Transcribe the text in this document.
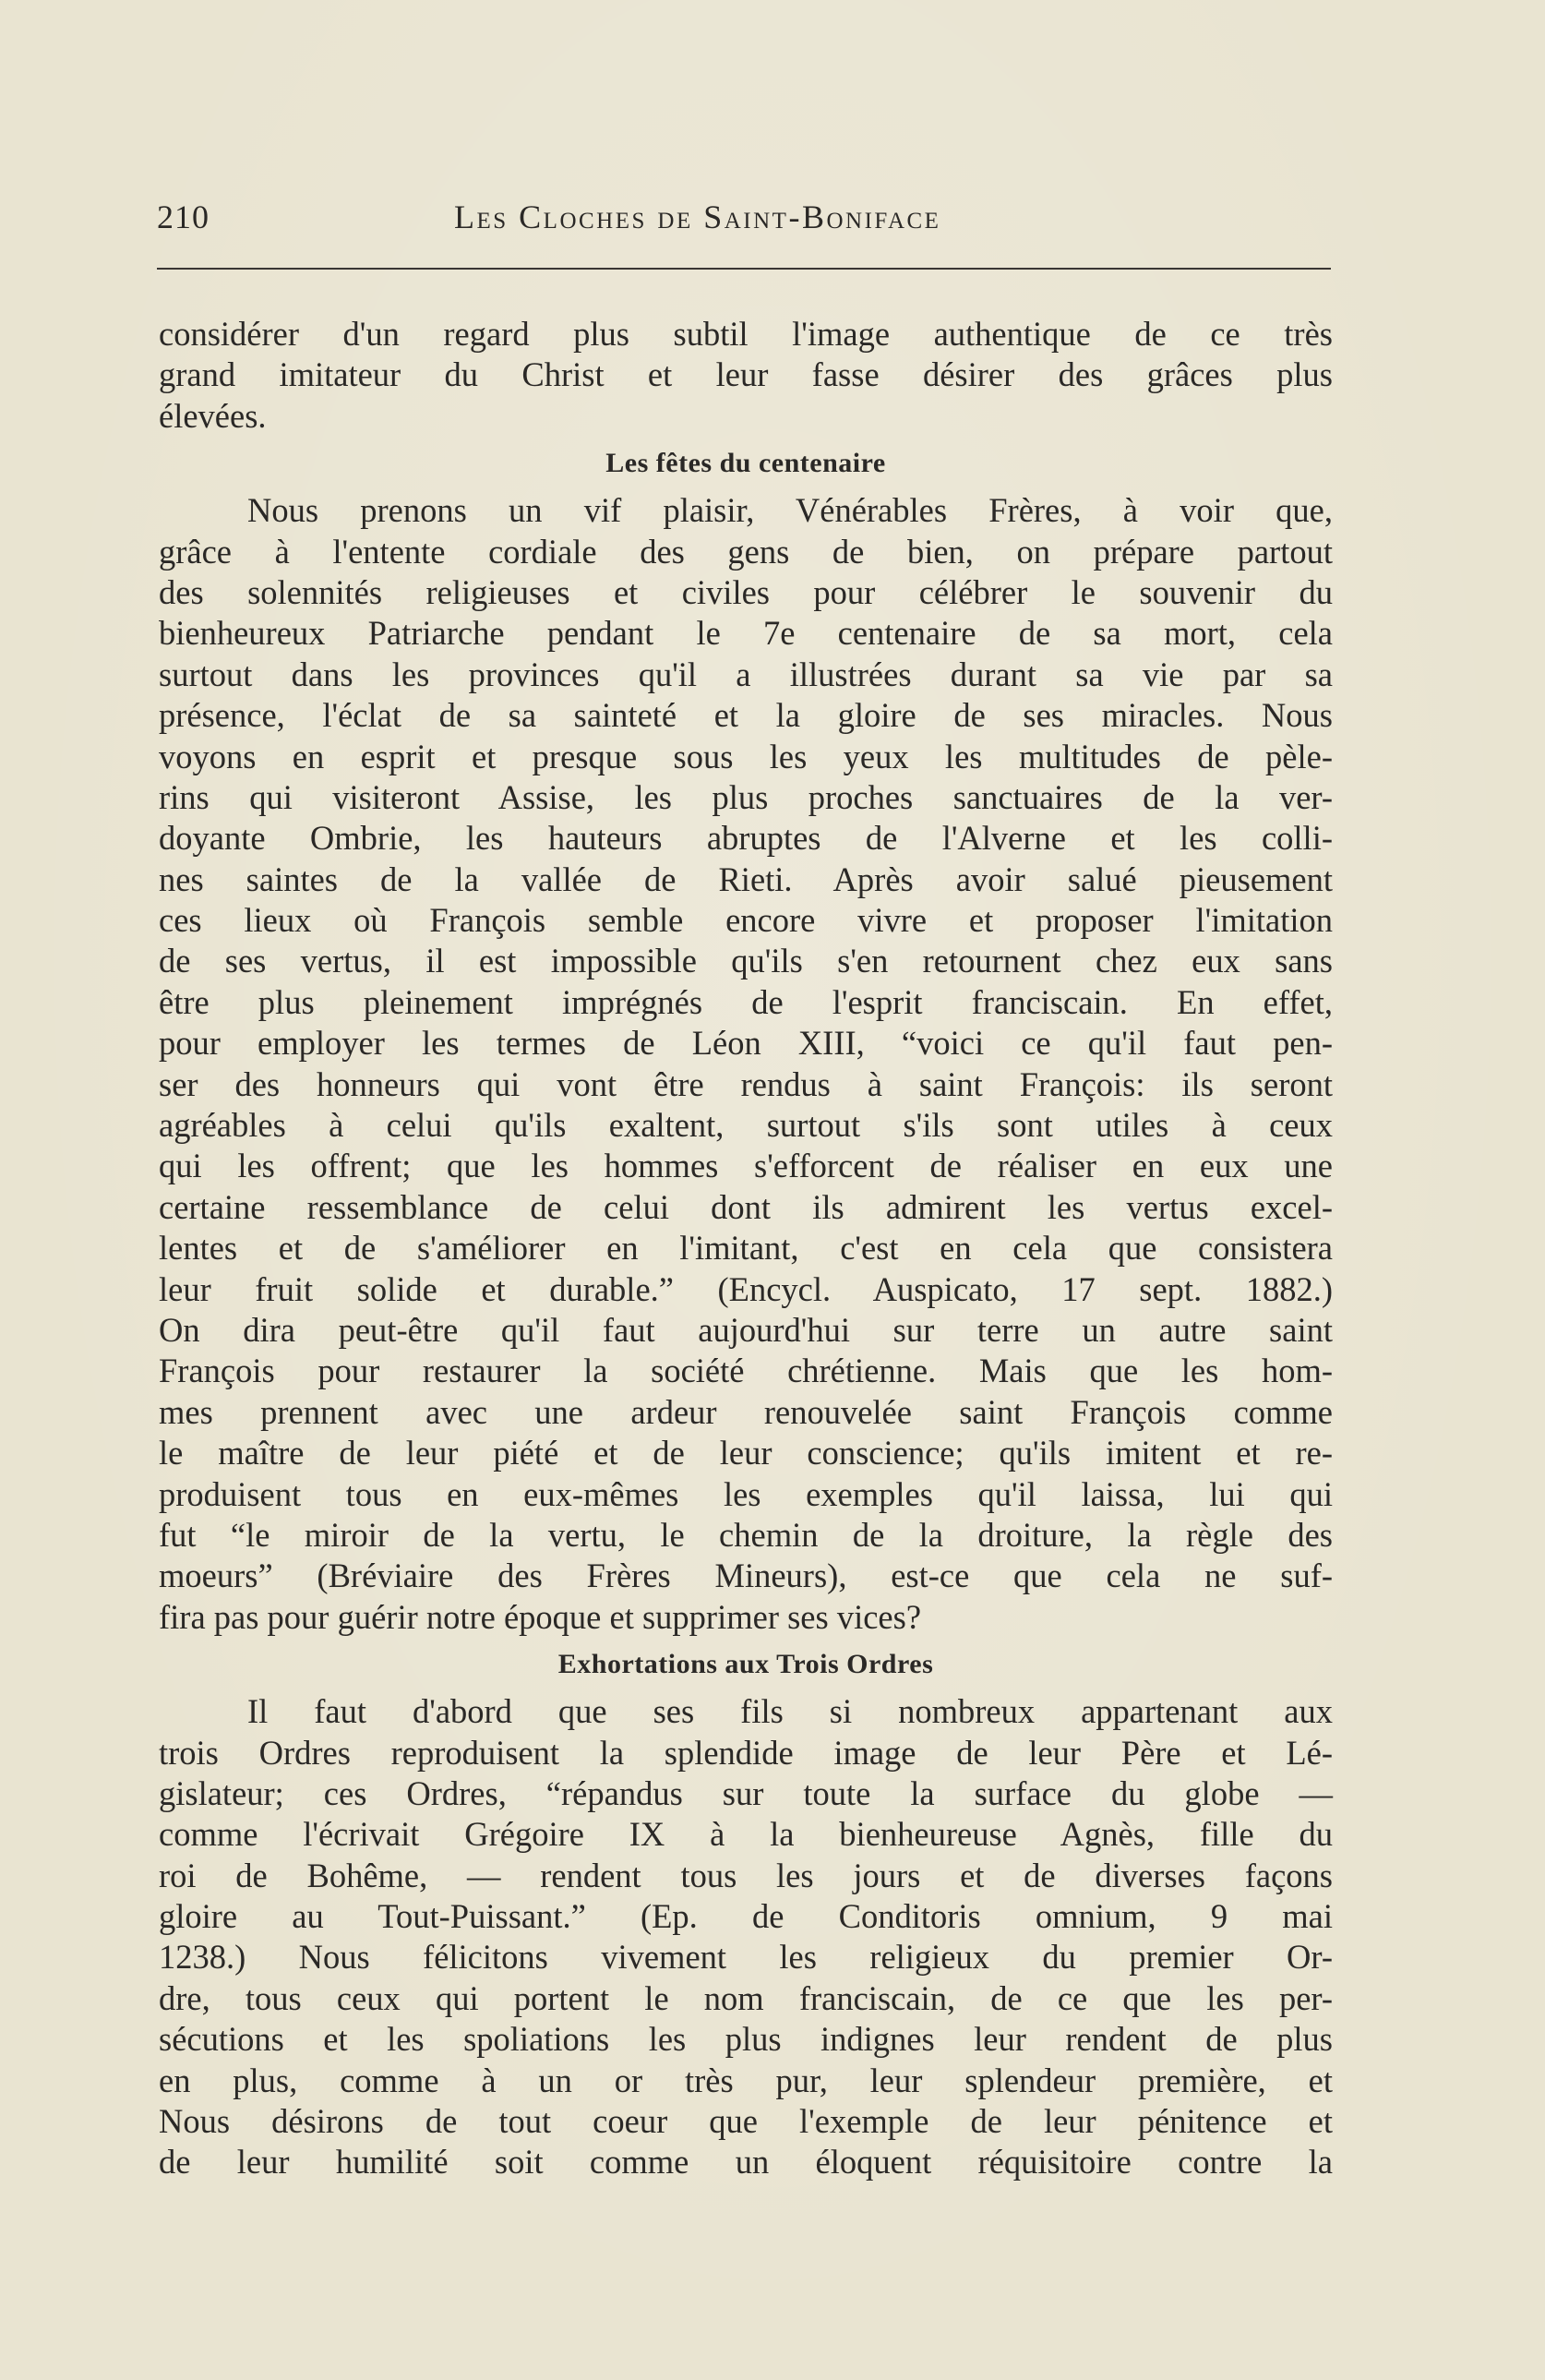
210	Les Cloches de Saint-Boniface
considérer d'un regard plus subtil l'image authentique de ce très
grand imitateur du Christ et leur fasse désirer des grâces plus
élevées.
Les fêtes du centenaire
Nous prenons un vif plaisir, Vénérables Frères, à voir que,
grâce à l'entente cordiale des gens de bien, on prépare partout
des solennités religieuses et civiles pour célébrer le souvenir du
bienheureux Patriarche pendant le 7e centenaire de sa mort, cela
surtout dans les provinces qu'il a illustrées durant sa vie par sa
présence, l'éclat de sa sainteté et la gloire de ses miracles. Nous
voyons en esprit et presque sous les yeux les multitudes de pèle-
rins qui visiteront Assise, les plus proches sanctuaires de la ver-
doyante Ombrie, les hauteurs abruptes de l'Alverne et les colli-
nes saintes de la vallée de Rieti. Après avoir salué pieusement
ces lieux où François semble encore vivre et proposer l'imitation
de ses vertus, il est impossible qu'ils s'en retournent chez eux sans
être plus pleinement imprégnés de l'esprit franciscain. En effet,
pour employer les termes de Léon XIII, “voici ce qu'il faut pen-
ser des honneurs qui vont être rendus à saint François: ils seront
agréables à celui qu'ils exaltent, surtout s'ils sont utiles à ceux
qui les offrent; que les hommes s'efforcent de réaliser en eux une
certaine ressemblance de celui dont ils admirent les vertus excel-
lentes et de s'améliorer en l'imitant, c'est en cela que consistera
leur fruit solide et durable.” (Encycl. Auspicato, 17 sept. 1882.)
On dira peut-être qu'il faut aujourd'hui sur terre un autre saint
François pour restaurer la société chrétienne. Mais que les hom-
mes prennent avec une ardeur renouvelée saint François comme
le maître de leur piété et de leur conscience; qu'ils imitent et re-
produisent tous en eux-mêmes les exemples qu'il laissa, lui qui
fut “le miroir de la vertu, le chemin de la droiture, la règle des
moeurs” (Bréviaire des Frères Mineurs), est-ce que cela ne suf-
fira pas pour guérir notre époque et supprimer ses vices?
Exhortations aux Trois Ordres
Il faut d'abord que ses fils si nombreux appartenant aux
trois Ordres reproduisent la splendide image de leur Père et Lé-
gislateur; ces Ordres, “répandus sur toute la surface du globe —
comme l'écrivait Grégoire IX à la bienheureuse Agnès, fille du
roi de Bohême, — rendent tous les jours et de diverses façons
gloire au Tout-Puissant.” (Ep. de Conditoris omnium, 9 mai
1238.) Nous félicitons vivement les religieux du premier Or-
dre, tous ceux qui portent le nom franciscain, de ce que les per-
sécutions et les spoliations les plus indignes leur rendent de plus
en plus, comme à un or très pur, leur splendeur première, et
Nous désirons de tout coeur que l'exemple de leur pénitence et
de leur humilité soit comme un éloquent réquisitoire contre la
